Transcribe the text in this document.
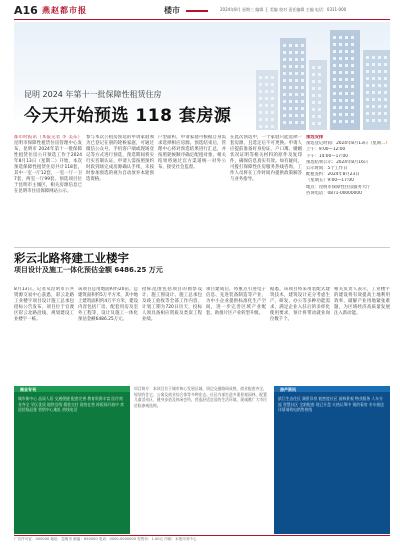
A16 燕赵都市报	楼市	2024年8月 星期三 编辑 王 美编 校对 责任编辑 主编 电话：0311-000
昆明 2024 年第十一批保障性租赁住房
今天开始预选 118 套房源
都市时报讯（本报记者 李 美东）昆明市保障性租赁住房管理中心发布，昆明市 2024年第十一批保障性租赁住房公开预选工作于2024年8月13日（星期二）开始，本次预选保障性租赁住房共计118套，其中一室一厅12套，一室一厅一卫7套，两室一厅99套。预选项目位于昆明市主城区，相关房源信息已在昆明市住房保障网站公示。
参与本次公租房预选的申请家庭须为已登记在册的轮候家庭，可通过微信公众号、手机客户端或现场登记等方式进行预选，预选期间将实行实名制认证，申请人需按照预约时段到场完成房源确认手续，未按时参加预选的视为自动放弃本轮预选资格。
户型面积，申请家庭可根据自身需求选择相应房源。预选结束后，管理中心将对预选结果进行汇总，并按照轮候顺序确定配租对象，相关结果将通过官方渠道统一对外公布，接受社会监督。
在此次预选中，一个家庭只能选择一套房源，且选定后不可更换。申请人应提前准备好身份证、户口簿、婚姻状况证明等相关材料的原件及复印件，确保信息真实有效。如有疑问，可拨打保障性住房服务热线咨询，工作人员将在工作时间内提供政策解答与业务指导。
预选安排
预选登记时间：2024年8月13日（星期二）
上午：9:00—12:00
下午：14:00—17:00
预选结果公示：2024年8月16日
公示时间：5个工作日
配租签约：2024年8月23日
（星期五）9:00—17:00
地点：昆明市保障性住房服务大厅
咨询电话：0871-00000000
彩云北路将建工业楼宇
项目设计及施工一体化预估金额 6486.25 万元
8月13日，记者从昆明市公共资源交易中心获悉，彩云北路工业楼宇项目设计施工总承包招标公告发布，项目位于官渡区彩云北路沿线，规划建设工业楼宇一栋。
该项目总用地面积约20亩，总建筑面积约5万平方米，其中地上建筑面积约4万平方米，建设内容包括厂房、配套用房及室外工程等，设计及施工一体化预估金额6486.25万元。
招标范围包括项目的勘察设计、施工图设计、施工总承包及竣工验收等全部工作内容，计划工期为720日历天，投标人须具备相应资质及类似工程业绩。
项目建成后，将重点引进电子信息、先进装备制造等产业，为中小企业提供标准化生产空间，进一步完善区域产业配套，助推片区产业转型升级。
据悉，该项目将采用装配式建筑技术，建筑设计充分考虑生产、研发、办公等多种功能需求，满足企业入驻后的多样化使用要求，预计将带动就业岗位数千个。
相关负责人表示，工业楼宇的建设将有效提高土地利用效率，破解产业用地紧张难题，为区域经济高质量发展注入新动能。
商业专刊
城市新中心 品质人居 交通便捷 配套完善 教育资源丰富 医疗商业齐全 学区优质 地铁沿线 精装交付 现房在售 样板间开放中 欢迎莅临品鉴 营销中心地址 热线电话
项目简介：本项目位于城市核心发展区域，周边交通路网成熟，商业配套齐全，规划有住宅、公寓及商业综合体等多种业态。社区内部打造多重景观园林，配置儿童活动区、健身步道及休闲会所，营造舒适宜居的生活环境。现诚邀广大市民莅临参观选购。
房产资讯
滨江生态住区 湖景洋房 低密度社区 园林景观 物业服务 人车分流 智慧社区 全龄配套 现已开盘 火热认筹中 预约看房 专车接送 详情请致电销售热线
广告许可证：000000 地址：昆明市 邮编：650000 电话：0000-0000000 零售价：1.00元 印刷：本报印务中心
